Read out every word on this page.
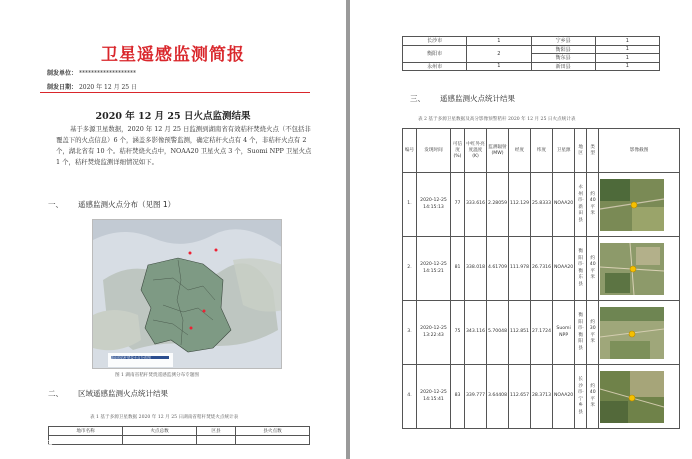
卫星遥感监测简报
制发单位： *******************
制发日期： 2020 年 12 月 25 日
2020 年 12 月 25 日火点监测结果
基于多源卫星数据，2020 年 12 月 25 日监测到湖南省有效秸秆焚烧火点（不包括非覆盖下的火点信息）6 个，涵盖多影像预警监测，确定秸秆火点有 4 个，非秸秆火点有 2 个，湖北省有 10 个。秸秆焚烧火点中，NOAA20 卫星火点 3 个，Suomi NPP 卫星火点 1 个，秸秆焚烧监测详细情况如下。
一、 遥感监测火点分布（见图 1）
湖南省秸秆焚烧火点分布图
图 1 湖南省秸秆焚烧遥感监测分布专题图
二、 区域遥感监测火点统计结果
表 1 基于多源卫星数据 2020 年 12 月 25 日湖南省秸秆焚烧火点统计表
地市名称	火点总数	区县	县火点数

大邮商报
长沙市	1	宁乡县	1
衡阳市	2	衡阳县	1
		衡东县	1
永州市	1	新田县	1
三、 遥感监测火点统计结果
表 2 基于多源卫星数据及高分影像预警秸秆 2020 年 12 月 25 日火点统计表
编号	发现时间	可信度(%)	中红外亮度温度(K)	监测辐射(MW)	经度	纬度	卫星源	地区	类型	影像截图
1.	2020-12-25 14:15:13	77	333.616	2.28059	112.129	25.8333	NOAA20	永州市·新田县	约40平米	

2.	2020-12-25 14:15:21	81	338.018	4.61709	111.978	26.7316	NOAA20	衡阳市·衡东县	约40平米	

3.	2020-12-25 13:22:43	75	343.116	5.70048	112.851	27.1724	Suomi NPP	衡阳市·衡阳县	约30平米	

4.	2020-12-25 14:15:41	83	339.777	3.64408	112.657	28.3713	NOAA20	长沙市·宁乡县	约40平米	
